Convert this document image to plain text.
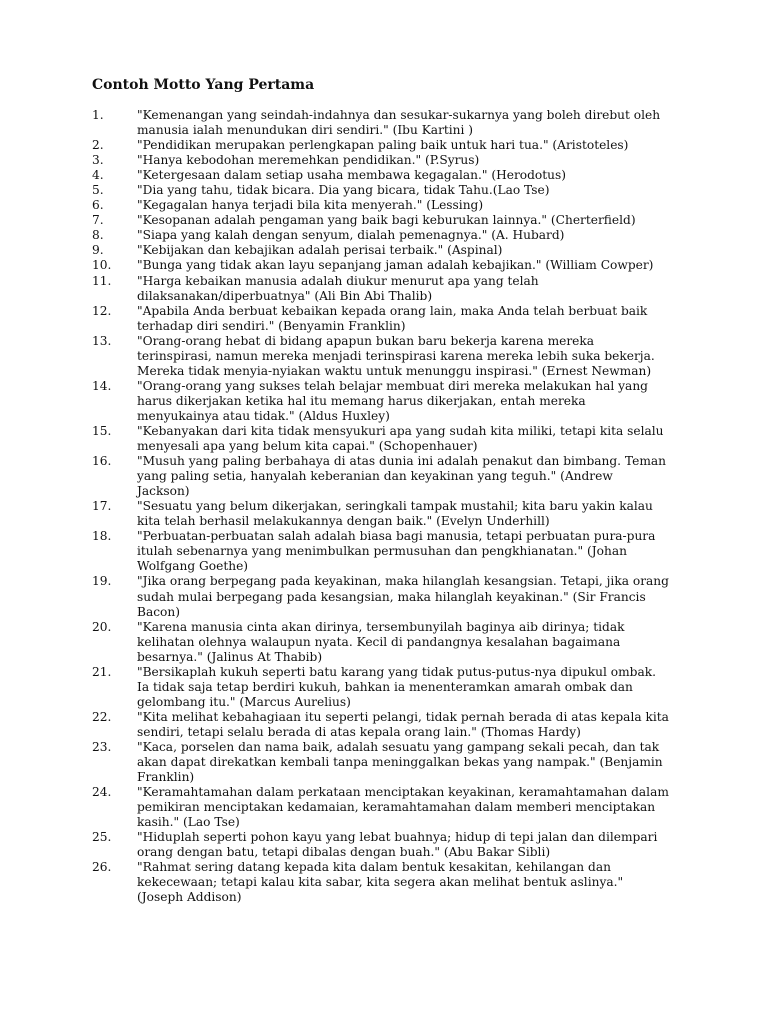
Contoh Motto Yang Pertama
1.	"Kemenangan yang seindah-indahnya dan sesukar-sukarnya yang boleh direbut oleh manusia ialah menundukan diri sendiri." (Ibu Kartini )
2.	"Pendidikan merupakan perlengkapan paling baik untuk hari tua." (Aristoteles)
3.	"Hanya kebodohan meremehkan pendidikan." (P.Syrus)
4.	"Ketergesaan dalam setiap usaha membawa kegagalan." (Herodotus)
5.	"Dia yang tahu, tidak bicara. Dia yang bicara, tidak Tahu.(Lao Tse)
6.	"Kegagalan hanya terjadi bila kita menyerah." (Lessing)
7.	"Kesopanan adalah pengaman yang baik bagi keburukan lainnya." (Cherterfield)
8.	"Siapa yang kalah dengan senyum, dialah pemenagnya." (A. Hubard)
9.	"Kebijakan dan kebajikan adalah perisai terbaik." (Aspinal)
10.	"Bunga yang tidak akan layu sepanjang jaman adalah kebajikan." (William Cowper)
11.	"Harga kebaikan manusia adalah diukur menurut apa yang telah dilaksanakan/diperbuatnya" (Ali Bin Abi Thalib)
12.	"Apabila Anda berbuat kebaikan kepada orang lain, maka Anda telah berbuat baik terhadap diri sendiri." (Benyamin Franklin)
13.	"Orang-orang hebat di bidang apapun bukan baru bekerja karena mereka terinspirasi, namun mereka menjadi terinspirasi karena mereka lebih suka bekerja. Mereka tidak menyia-nyiakan waktu untuk menunggu inspirasi." (Ernest Newman)
14.	"Orang-orang yang sukses telah belajar membuat diri mereka melakukan hal yang harus dikerjakan ketika hal itu memang harus dikerjakan, entah mereka menyukainya atau tidak." (Aldus Huxley)
15.	"Kebanyakan dari kita tidak mensyukuri apa yang sudah kita miliki, tetapi kita selalu menyesali apa yang belum kita capai." (Schopenhauer)
16.	"Musuh yang paling berbahaya di atas dunia ini adalah penakut dan bimbang. Teman yang paling setia, hanyalah keberanian dan keyakinan yang teguh." (Andrew Jackson)
17.	"Sesuatu yang belum dikerjakan, seringkali tampak mustahil; kita baru yakin kalau kita telah berhasil melakukannya dengan baik." (Evelyn Underhill)
18.	"Perbuatan-perbuatan salah adalah biasa bagi manusia, tetapi perbuatan pura-pura itulah sebenarnya yang menimbulkan permusuhan dan pengkhianatan." (Johan Wolfgang Goethe)
19.	"Jika orang berpegang pada keyakinan, maka hilanglah kesangsian. Tetapi, jika orang sudah mulai berpegang pada kesangsian, maka hilanglah keyakinan." (Sir Francis Bacon)
20.	"Karena manusia cinta akan dirinya, tersembunyilah baginya aib dirinya; tidak kelihatan olehnya walaupun nyata. Kecil di pandangnya kesalahan bagaimana besarnya." (Jalinus At Thabib)
21.	"Bersikaplah kukuh seperti batu karang yang tidak putus-putus-nya dipukul ombak. Ia tidak saja tetap berdiri kukuh, bahkan ia menenteramkan amarah ombak dan gelombang itu." (Marcus Aurelius)
22.	"Kita melihat kebahagiaan itu seperti pelangi, tidak pernah berada di atas kepala kita sendiri, tetapi selalu berada di atas kepala orang lain." (Thomas Hardy)
23.	"Kaca, porselen dan nama baik, adalah sesuatu yang gampang sekali pecah, dan tak akan dapat direkatkan kembali tanpa meninggalkan bekas yang nampak." (Benjamin Franklin)
24.	"Keramahtamahan dalam perkataan menciptakan keyakinan, keramahtamahan dalam pemikiran menciptakan kedamaian, keramahtamahan dalam memberi menciptakan kasih." (Lao Tse)
25.	"Hiduplah seperti pohon kayu yang lebat buahnya; hidup di tepi jalan dan dilempari orang dengan batu, tetapi dibalas dengan buah." (Abu Bakar Sibli)
26.	"Rahmat sering datang kepada kita dalam bentuk kesakitan, kehilangan dan kekecewaan; tetapi kalau kita sabar, kita segera akan melihat bentuk aslinya." (Joseph Addison)
